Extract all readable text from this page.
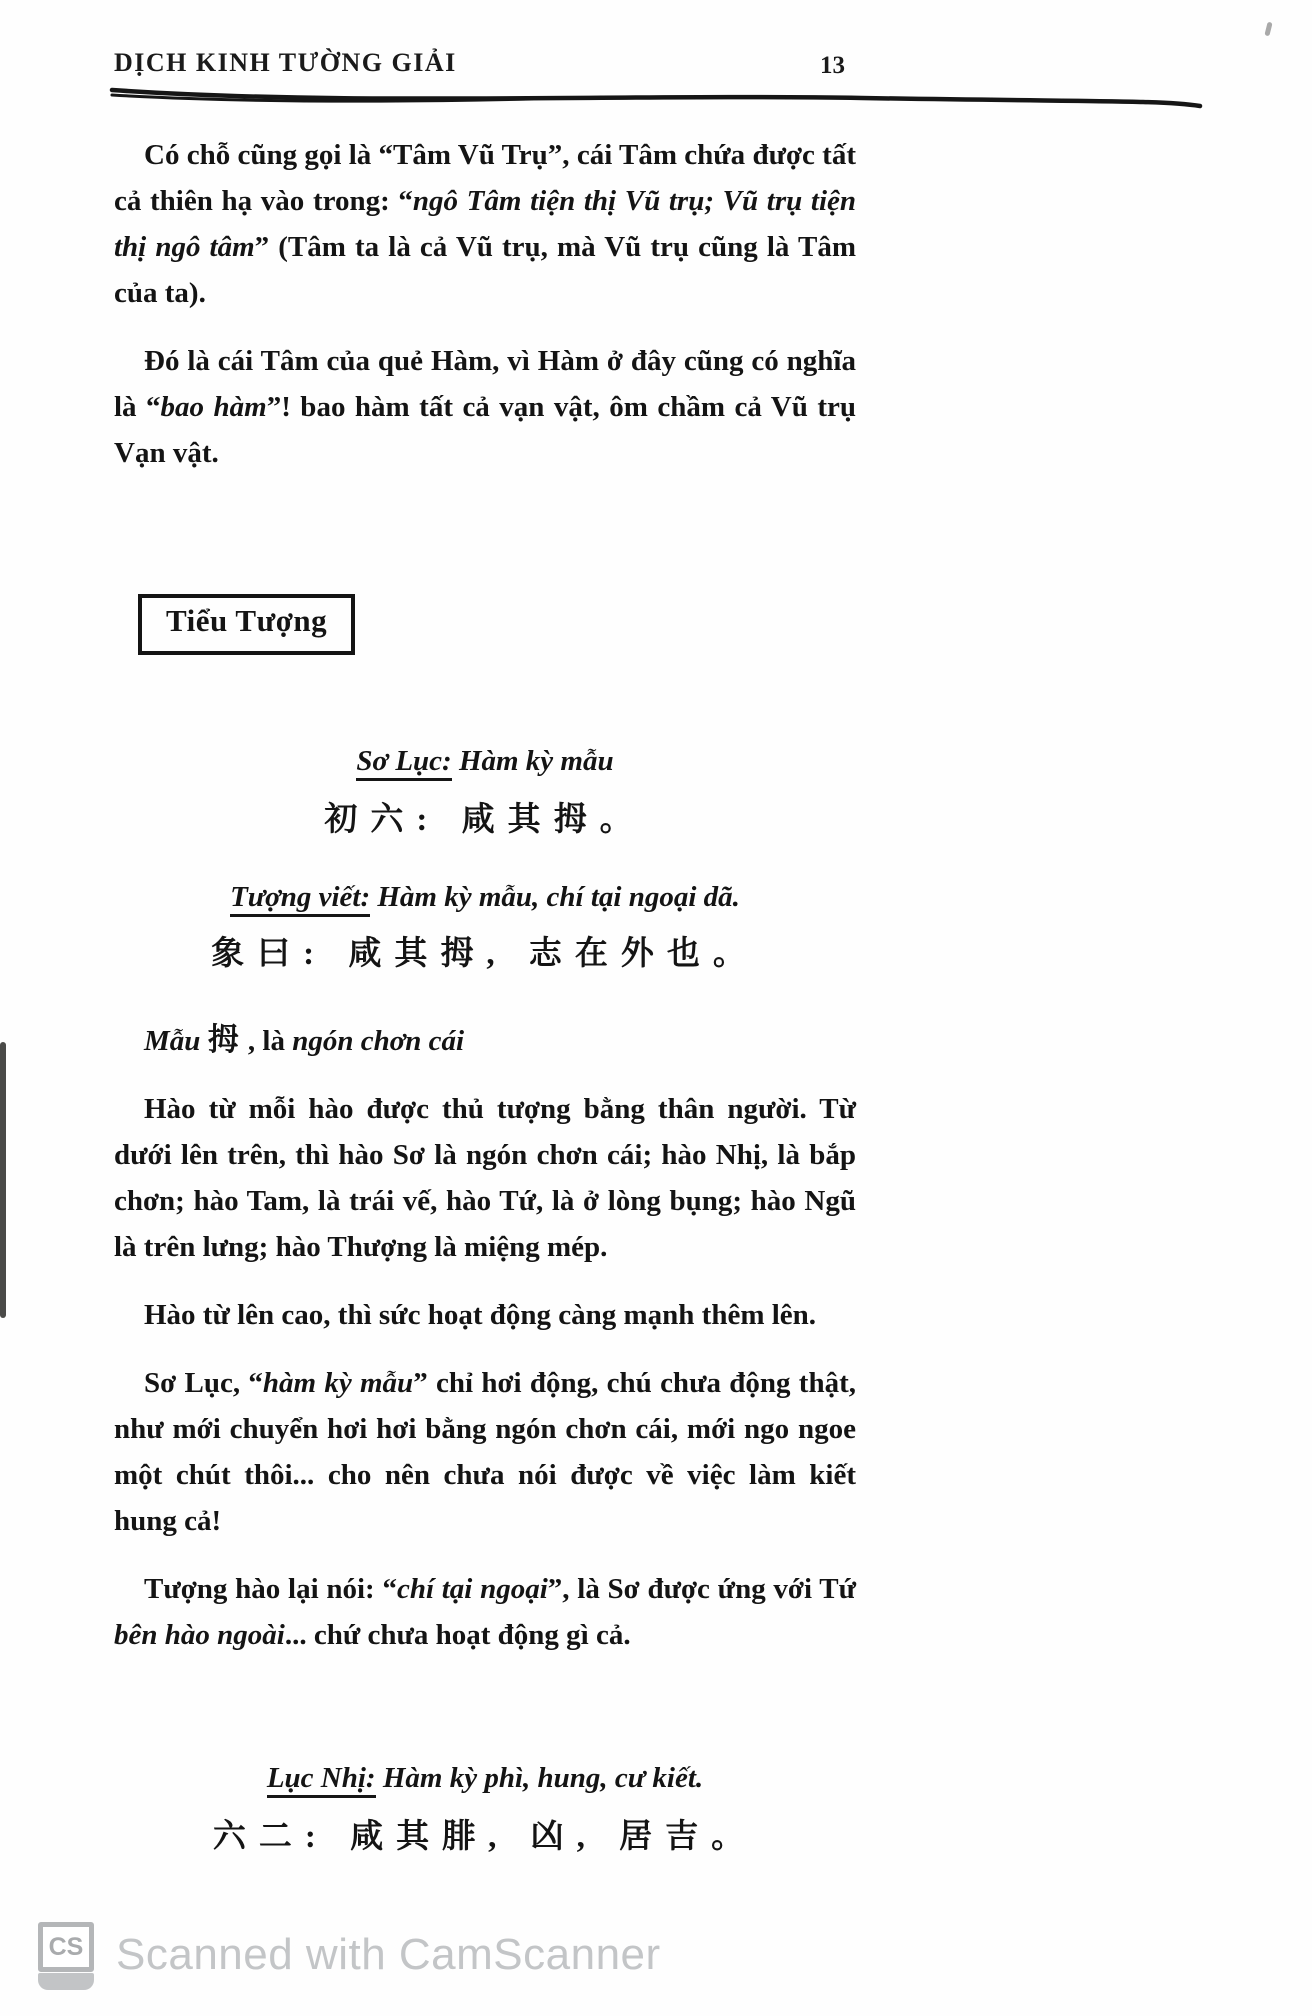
DỊCH KINH TƯỜNG GIẢI	13

Có chỗ cũng gọi là “Tâm Vũ Trụ”, cái Tâm chứa được tất cả thiên hạ vào trong: “ngô Tâm tiện thị Vũ trụ; Vũ trụ tiện thị ngô tâm” (Tâm ta là cả Vũ trụ, mà Vũ trụ cũng là Tâm của ta).

Đó là cái Tâm của quẻ Hàm, vì Hàm ở đây cũng có nghĩa là “bao hàm”! bao hàm tất cả vạn vật, ôm chầm cả Vũ trụ Vạn vật.

Tiểu Tượng
Sơ Lục: Hàm kỳ mẫu
初六: 咸其拇。
Tượng viết: Hàm kỳ mẫu, chí tại ngoại dã.
象曰: 咸其拇, 志在外也。
Mẫu 拇 , là ngón chơn cái

Hào từ mỗi hào được thủ tượng bằng thân người. Từ dưới lên trên, thì hào Sơ là ngón chơn cái; hào Nhị, là bắp chơn; hào Tam, là trái vế, hào Tứ, là ở lòng bụng; hào Ngũ là trên lưng; hào Thượng là miệng mép.

Hào từ lên cao, thì sức hoạt động càng mạnh thêm lên.

Sơ Lục, “hàm kỳ mẫu” chỉ hơi động, chú chưa động thật, như mới chuyển hơi hơi bằng ngón chơn cái, mới ngo ngoe một chút thôi... cho nên chưa nói được về việc làm kiết hung cả!

Tượng hào lại nói: “chí tại ngoại”, là Sơ được ứng với Tứ bên hào ngoài... chứ chưa hoạt động gì cả.

Lục Nhị: Hàm kỳ phì, hung, cư kiết.
六二: 咸其腓, 凶, 居吉。
CS Scanned with CamScanner
